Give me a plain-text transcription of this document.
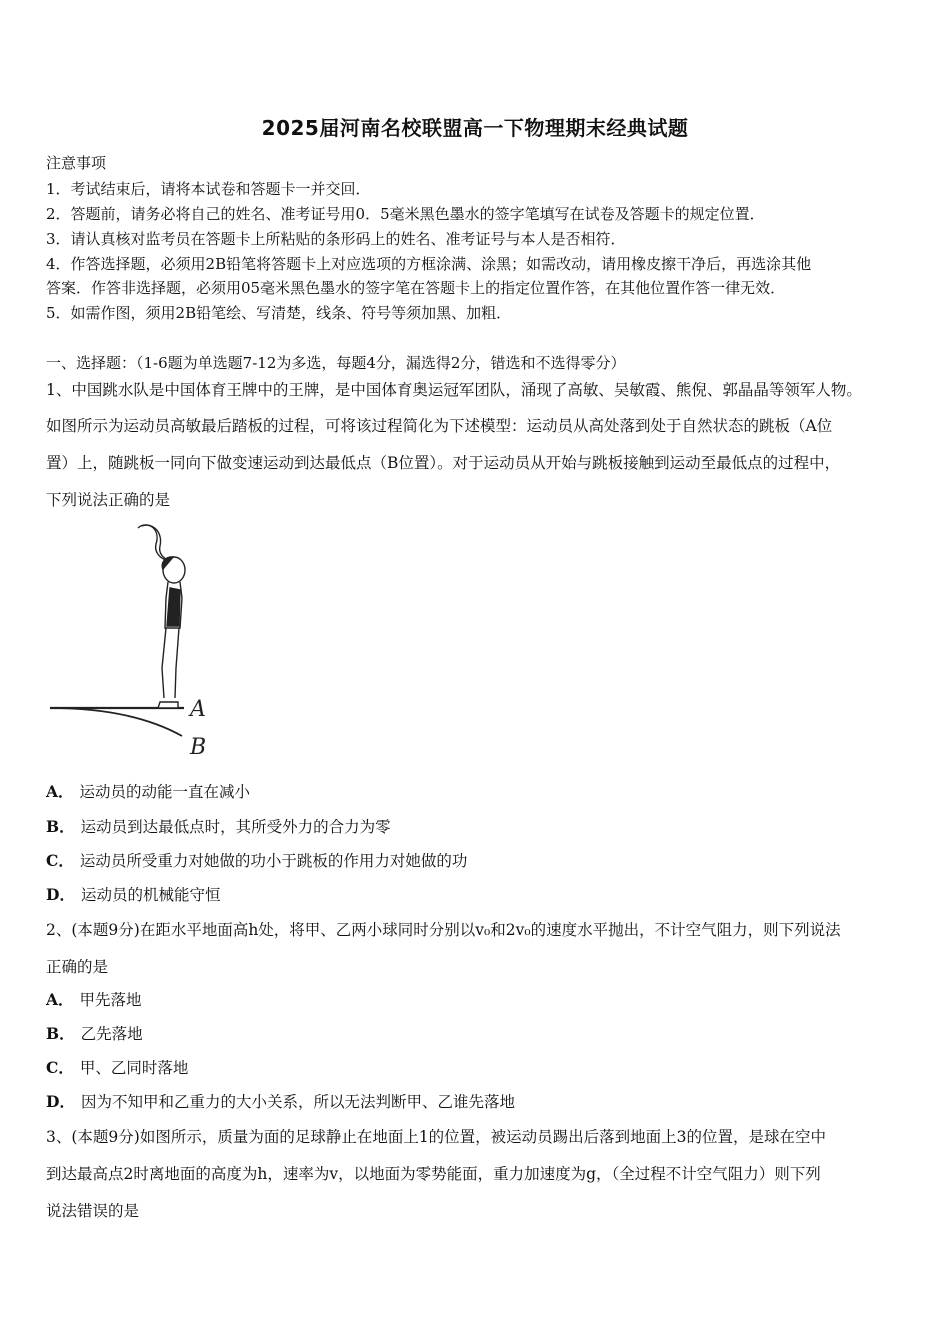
2025届河南名校联盟高一下物理期末经典试题
注意事项
1．考试结束后，请将本试卷和答题卡一并交回．
2．答题前，请务必将自己的姓名、准考证号用0．5毫米黑色墨水的签字笔填写在试卷及答题卡的规定位置．
3．请认真核对监考员在答题卡上所粘贴的条形码上的姓名、准考证号与本人是否相符．
4．作答选择题，必须用2B铅笔将答题卡上对应选项的方框涂满、涂黑；如需改动，请用橡皮擦干净后，再选涂其他
答案．作答非选择题，必须用05毫米黑色墨水的签字笔在答题卡上的指定位置作答，在其他位置作答一律无效．
5．如需作图，须用2B铅笔绘、写清楚，线条、符号等须加黑、加粗．
一、选择题：（1-6题为单选题7-12为多选，每题4分，漏选得2分，错选和不选得零分）
1、中国跳水队是中国体育王牌中的王牌，是中国体育奥运冠军团队，涌现了高敏、吴敏霞、熊倪、郭晶晶等领军人物。
如图所示为运动员高敏最后踏板的过程，可将该过程简化为下述模型：运动员从高处落到处于自然状态的跳板（A位
置）上，随跳板一同向下做变速运动到达最低点（B位置）。对于运动员从开始与跳板接触到运动至最低点的过程中，
下列说法正确的是
A
B
A． 运动员的动能一直在减小
B． 运动员到达最低点时，其所受外力的合力为零
C． 运动员所受重力对她做的功小于跳板的作用力对她做的功
D． 运动员的机械能守恒
2、(本题9分)在距水平地面高h处，将甲、乙两小球同时分别以v₀和2v₀的速度水平抛出，不计空气阻力，则下列说法
正确的是
A． 甲先落地
B． 乙先落地
C． 甲、乙同时落地
D． 因为不知甲和乙重力的大小关系，所以无法判断甲、乙谁先落地
3、(本题9分)如图所示，质量为面的足球静止在地面上1的位置，被运动员踢出后落到地面上3的位置，是球在空中
到达最高点2时离地面的高度为h，速率为v，以地面为零势能面，重力加速度为g，（全过程不计空气阻力）则下列
说法错误的是
